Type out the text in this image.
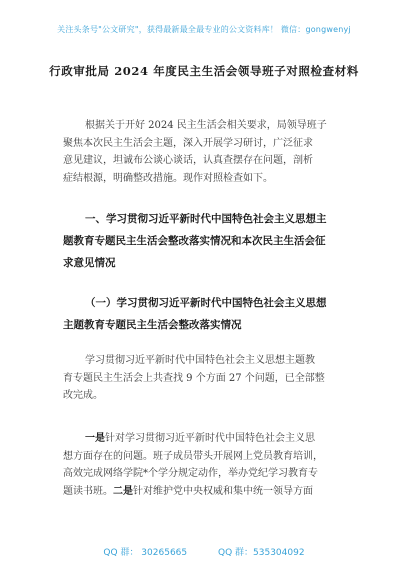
关注头条号"公文研究"，获得最新最全最专业的公文资料库！ 微信：gongwenyj
行政审批局 2024 年度民主生活会领导班子对照检查材料

根据关于开好 2024 民主生活会相关要求，局领导班子
聚焦本次民主生活会主题，深入开展学习研讨，广泛征求
意见建议，坦诚布公谈心谈话，认真查摆存在问题，剖析
症结根源，明确整改措施。现作对照检查如下。

一、学习贯彻习近平新时代中国特色社会主义思想主
题教育专题民主生活会整改落实情况和本次民主生活会征
求意见情况

（一）学习贯彻习近平新时代中国特色社会主义思想
主题教育专题民主生活会整改落实情况

学习贯彻习近平新时代中国特色社会主义思想主题教
育专题民主生活会上共查找 9 个方面 27 个问题，已全部整
改完成。

一是针对学习贯彻习近平新时代中国特色社会主义思
想方面存在的问题。班子成员带头开展网上党员教育培训，
高效完成网络学院*个学分规定动作，举办党纪学习教育专
题读书班。二是针对维护党中央权威和集中统一领导方面

QQ 群： 30265665	QQ 群：535304092
